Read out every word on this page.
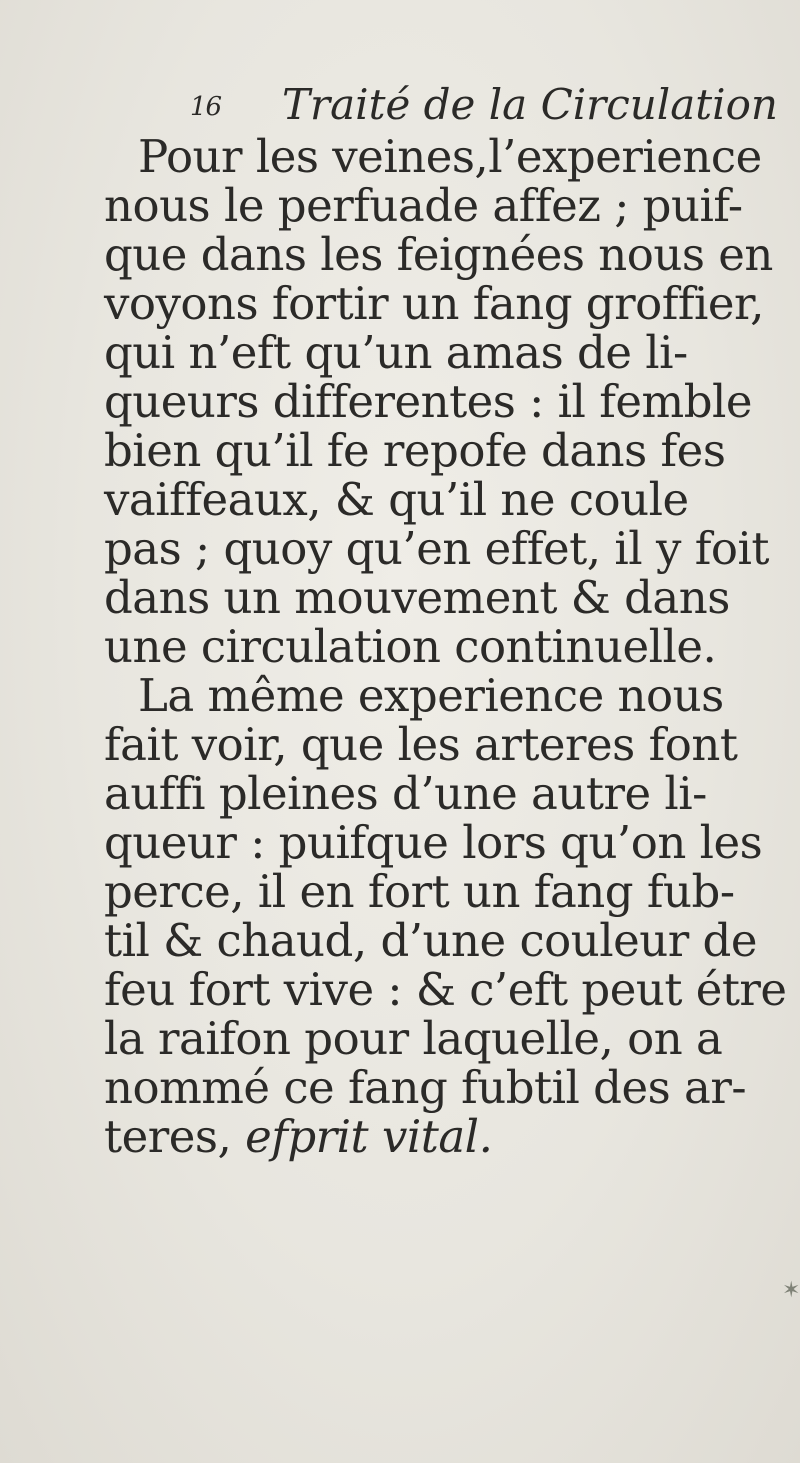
16 Traité de la Circulation
Pour les veines,l’experience
nous le perfuade affez ; puif-
que dans les feignées nous en
voyons fortir un fang groffier,
qui n’eft qu’un amas de li-
queurs differentes : il femble
bien qu’il fe repofe dans fes
vaiffeaux, & qu’il ne coule
pas ; quoy qu’en effet, il y foit
dans un mouvement & dans
une circulation continuelle.
La même experience nous
fait voir, que les arteres font
auffi pleines d’une autre li-
queur : puifque lors qu’on les
perce, il en fort un fang fub-
til & chaud, d’une couleur de
feu fort vive : & c’eft peut étre
la raifon pour laquelle, on a
nommé ce fang fubtil des ar-
teres, efprit vital.
✶
